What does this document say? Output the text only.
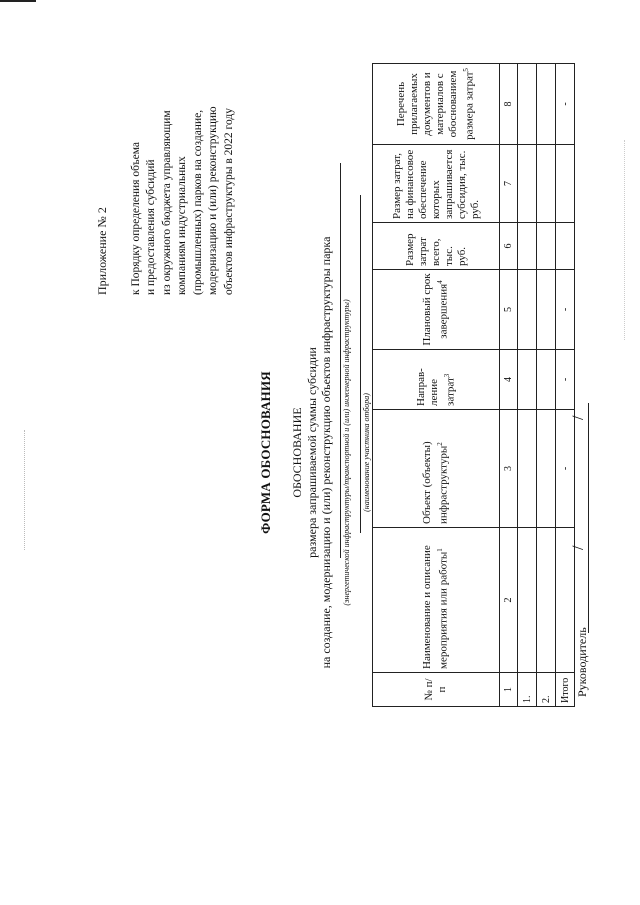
Приложение № 2 к Порядку определения объема и предоставления субсидий из окружного бюджета управляющим компаниям индустриальных (промышленных) парков на создание, модернизацию и (или) реконструкцию объектов инфраструктуры в 2022 году
ФОРМА ОБОСНОВАНИЯ ОБОСНОВАНИЕ размера запрашиваемой суммы субсидии на создание, модернизацию и (или) реконструкцию объектов инфраструктуры парка (энергетической инфраструктуры/транспортной и (или) инженерной инфраструктуры) (наименование участника отбора)
№ п/п	Наименование и описание мероприятия или работы$^1$	Объект (объекты) инфраструктуры$^2$	Направ-ление затрат$^3$	Плановый срок завершения$^4$	Размер затрат всего, тыс. руб.	Размер затрат, на финансовое обеспечение которых запрашивается субсидия, тыс. руб.	Перечень прилагаемых документов и материалов с обоснованием размера затрат$^5$
1	2	3	4	5	6	7	8
1.							
2.							
Итого		-	-	-			-
Руководитель
/
/
